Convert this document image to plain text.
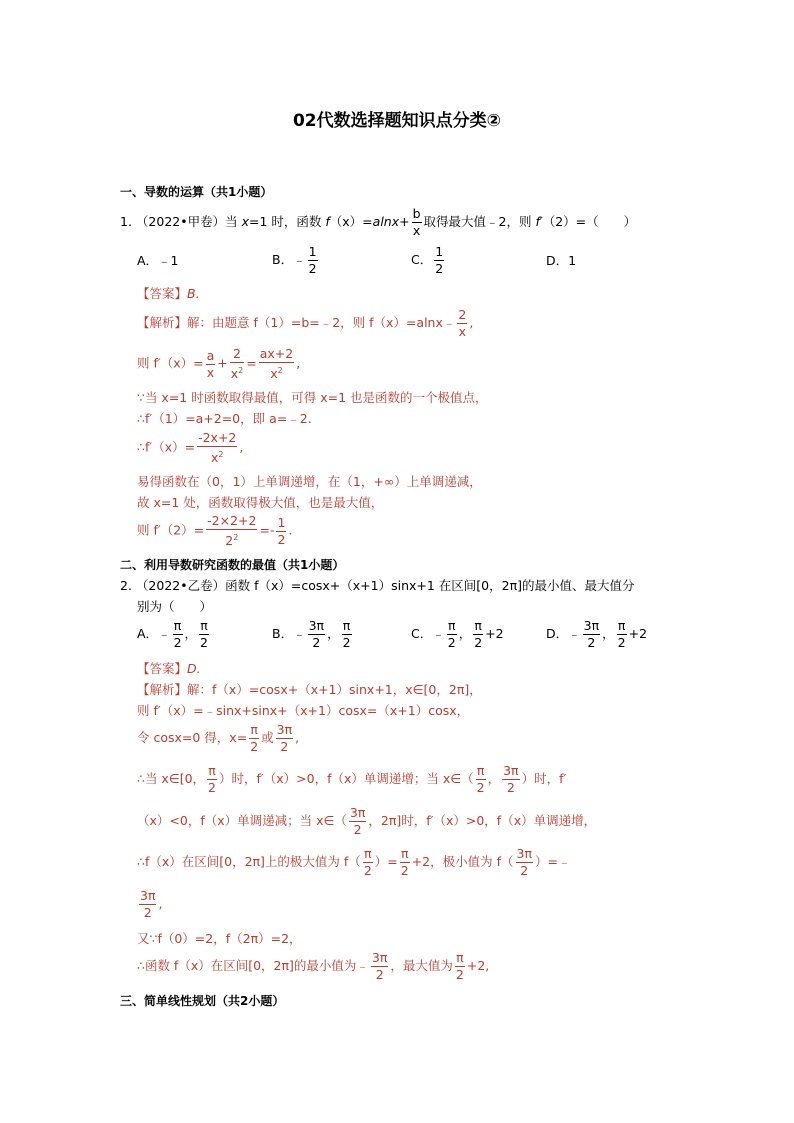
02代数选择题知识点分类②
一、导数的运算（共1小题）
1. （2022•甲卷）当 x=1 时，函数 $f(x)=alnx+ \frac{b}{x}$ 取得最大值﹣2，则 f′（2）=（　　）
A．﹣1	B．﹣ $\frac{1}{2}$	C． $\frac{1}{2}$	D．1
【答案】B.
【解析】解：由题意 f（1）=b=﹣2，则 f（x）=alnx﹣ $\frac{2}{x}$ ,
则 $f'(x)= \frac{a}{x} + \frac{2}{x^2} = \frac{ax+2}{x^2}$ ,
∵当 x=1 时函数取得最值，可得 x=1 也是函数的一个极值点，
∴f′（1）=a+2=0，即 a=﹣2.
∴f′（x）= $\frac{-2x+2}{x^2}$ ,
易得函数在（0，1）上单调递增，在（1，+∞）上单调递减，
故 x=1 处，函数取得极大值，也是最大值，
则 $f'(2)= \frac{-2\times 2+2}{2^2} =- \frac{1}{2}$ .
二、利用导数研究函数的最值（共1小题）
2. （2022•乙卷）函数 f（x）=cosx+（x+1）sinx+1 在区间[0，2π]的最小值、最大值分
别为（　　）
A．﹣ $\frac{\pi}{2}$ ， $\frac{\pi}{2}$	B．﹣ $\frac{3\pi}{2}$ ， $\frac{\pi}{2}$	C．﹣ $\frac{\pi}{2}$ ， $\frac{\pi}{2} +2$	D．﹣ $\frac{3\pi}{2}$ ， $\frac{\pi}{2} +2$
【答案】D.
【解析】解：f（x）=cosx+（x+1）sinx+1，x∈[0，2π]，
则 f′（x）=﹣sinx+sinx+（x+1）cosx=（x+1）cosx，
令 cosx=0 得，$x= \frac{\pi}{2}$ 或 $\frac{3\pi}{2}$ ,
∴当 x∈[0， $\frac{\pi}{2}$ ）时，f′（x）>0，f（x）单调递增；当 x∈（ $\frac{\pi}{2}$ ， $\frac{3\pi}{2}$ ）时，f′
（x）<0，f（x）单调递减；当 x∈（ $\frac{3\pi}{2}$ ，2π]时，f′（x）>0，f（x）单调递增，
∴f（x）在区间[0，2π]上的极大值为 $f( \frac{\pi}{2}$ ）= $\frac{\pi}{2} +2$，极小值为 $f( \frac{3\pi}{2}$ ）=﹣
$\frac{3\pi}{2}$ ,
又∵f（0）=2，f（2π）=2，
∴函数 f（x）在区间[0，2π]的最小值为﹣ $\frac{3\pi}{2}$ ，最大值为 $\frac{\pi}{2} +2$,
三、简单线性规划（共2小题）
